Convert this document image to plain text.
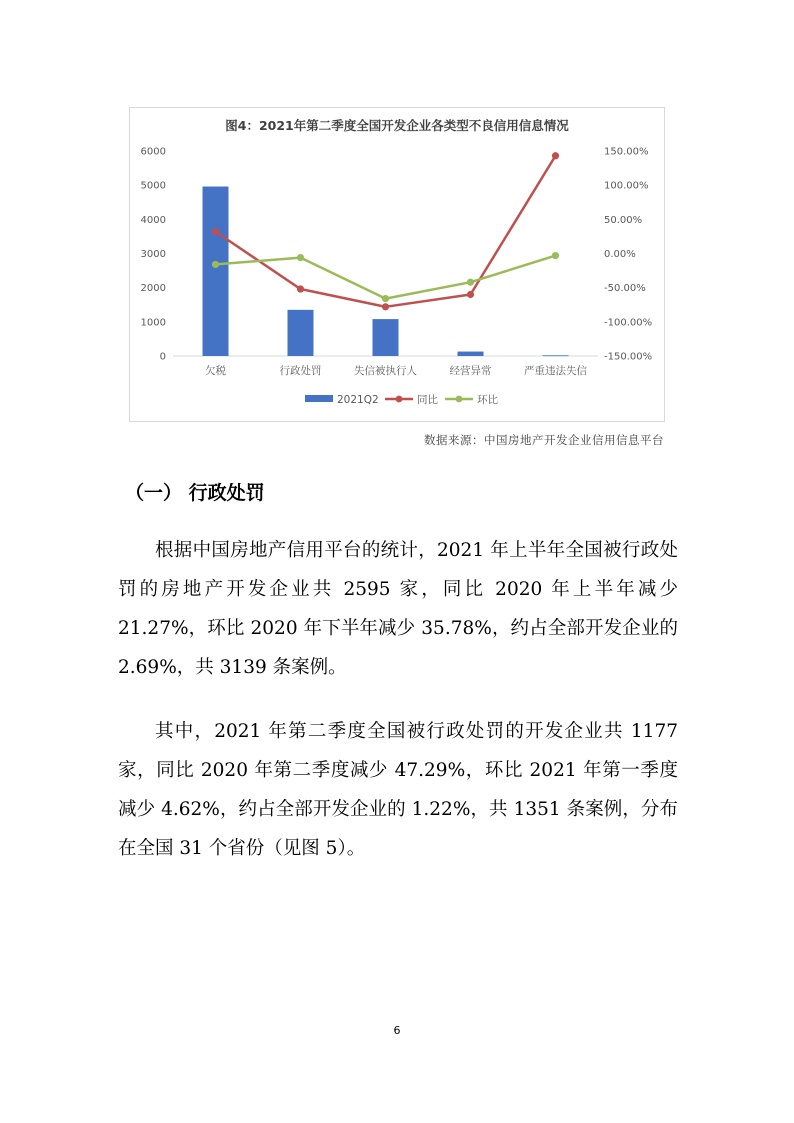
图4：2021年第二季度全国开发企业各类型不良信用信息情况
0
1000
2000
3000
4000
5000
6000
-150.00%
-100.00%
-50.00%
0.00%
50.00%
100.00%
150.00%
欠税	行政处罚	失信被执行人	经营异常	严重违法失信
2021Q2	同比	环比
数据来源：中国房地产开发企业信用信息平台
（一） 行政处罚

根据中国房地产信用平台的统计，2021 年上半年全国被行政处罚的房地产开发企业共 2595 家，同比 2020 年上半年减少 21.27%，环比 2020 年下半年减少 35.78%，约占全部开发企业的 2.69%，共 3139 条案例。

其中，2021 年第二季度全国被行政处罚的开发企业共 1177 家，同比 2020 年第二季度减少 47.29%，环比 2021 年第一季度减少 4.62%，约占全部开发企业的 1.22%，共 1351 条案例，分布在全国 31 个省份（见图 5）。

6
